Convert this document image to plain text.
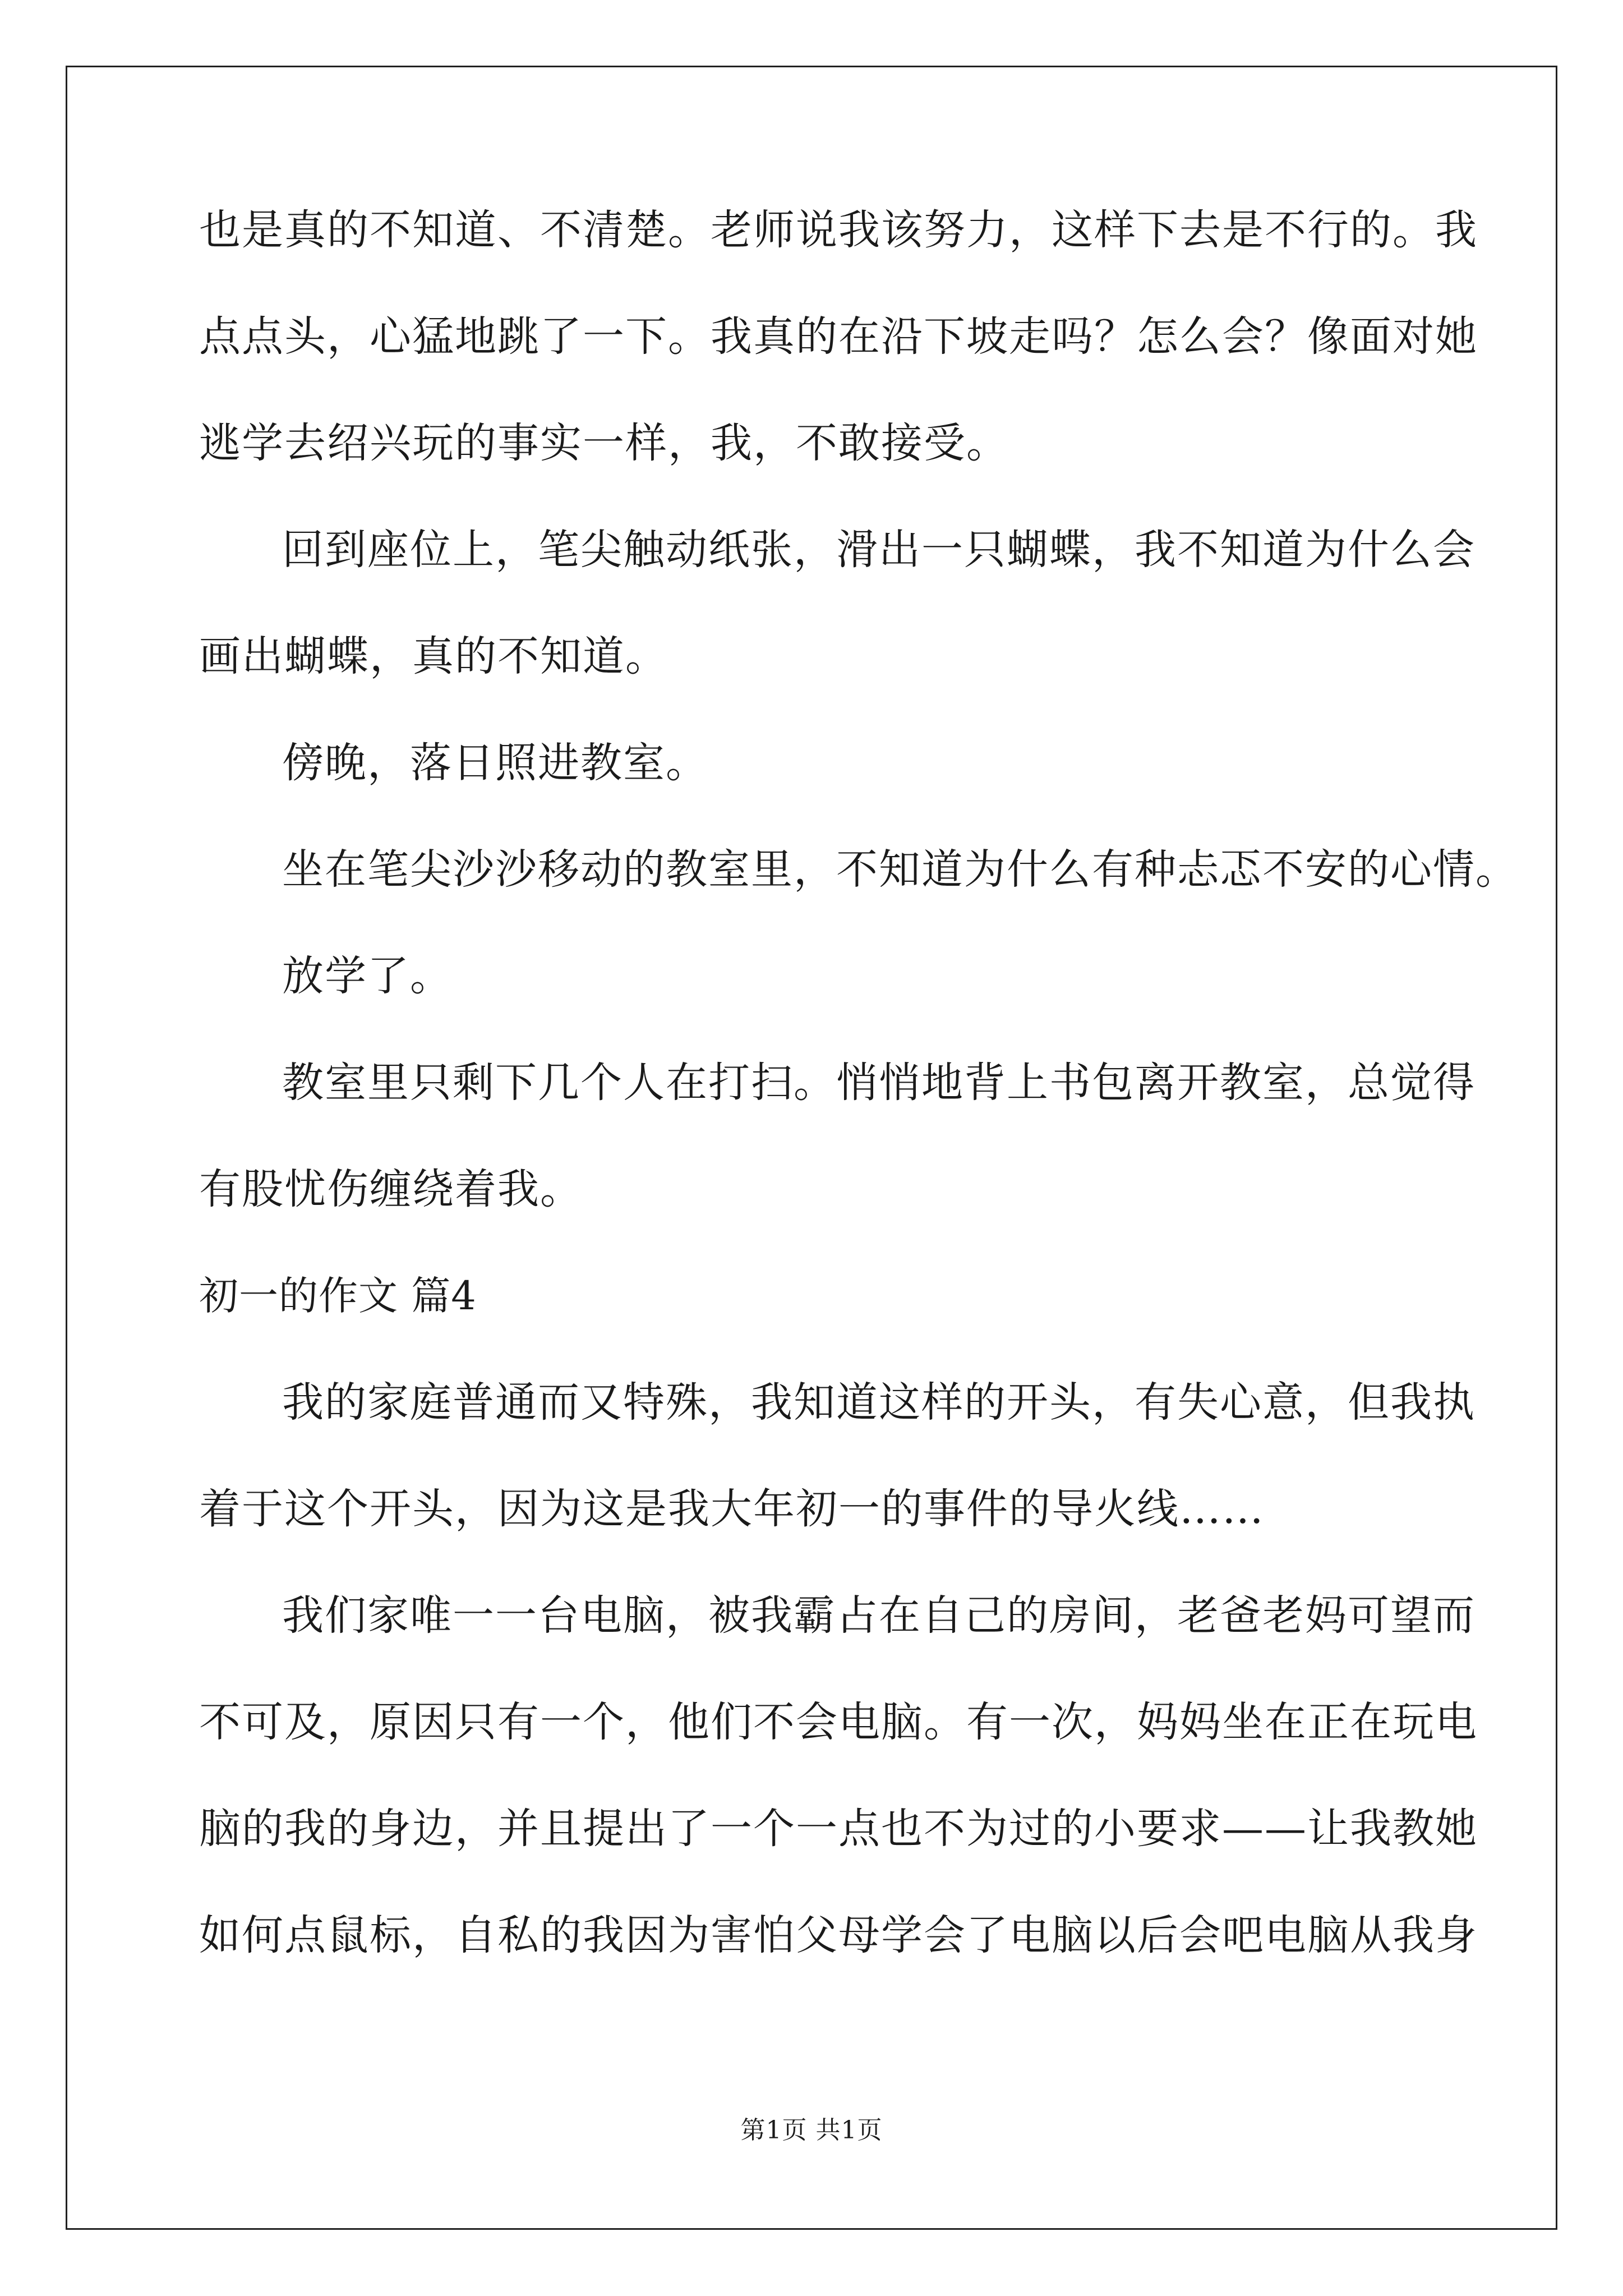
也是真的不知道、不清楚。老师说我该努力，这样下去是不行的。我
点点头，心猛地跳了一下。我真的在沿下坡走吗？怎么会？像面对她
逃学去绍兴玩的事实一样，我，不敢接受。
回到座位上，笔尖触动纸张，滑出一只蝴蝶，我不知道为什么会
画出蝴蝶，真的不知道。
傍晚，落日照进教室。
坐在笔尖沙沙移动的教室里，不知道为什么有种忐忑不安的心情。
放学了。
教室里只剩下几个人在打扫。悄悄地背上书包离开教室，总觉得
有股忧伤缠绕着我。
初一的作文 篇4
我的家庭普通而又特殊，我知道这样的开头，有失心意，但我执
着于这个开头，因为这是我大年初一的事件的导火线……
我们家唯一一台电脑，被我霸占在自己的房间，老爸老妈可望而
不可及，原因只有一个，他们不会电脑。有一次，妈妈坐在正在玩电
脑的我的身边，并且提出了一个一点也不为过的小要求——让我教她
如何点鼠标，自私的我因为害怕父母学会了电脑以后会吧电脑从我身
第1页 共1页
